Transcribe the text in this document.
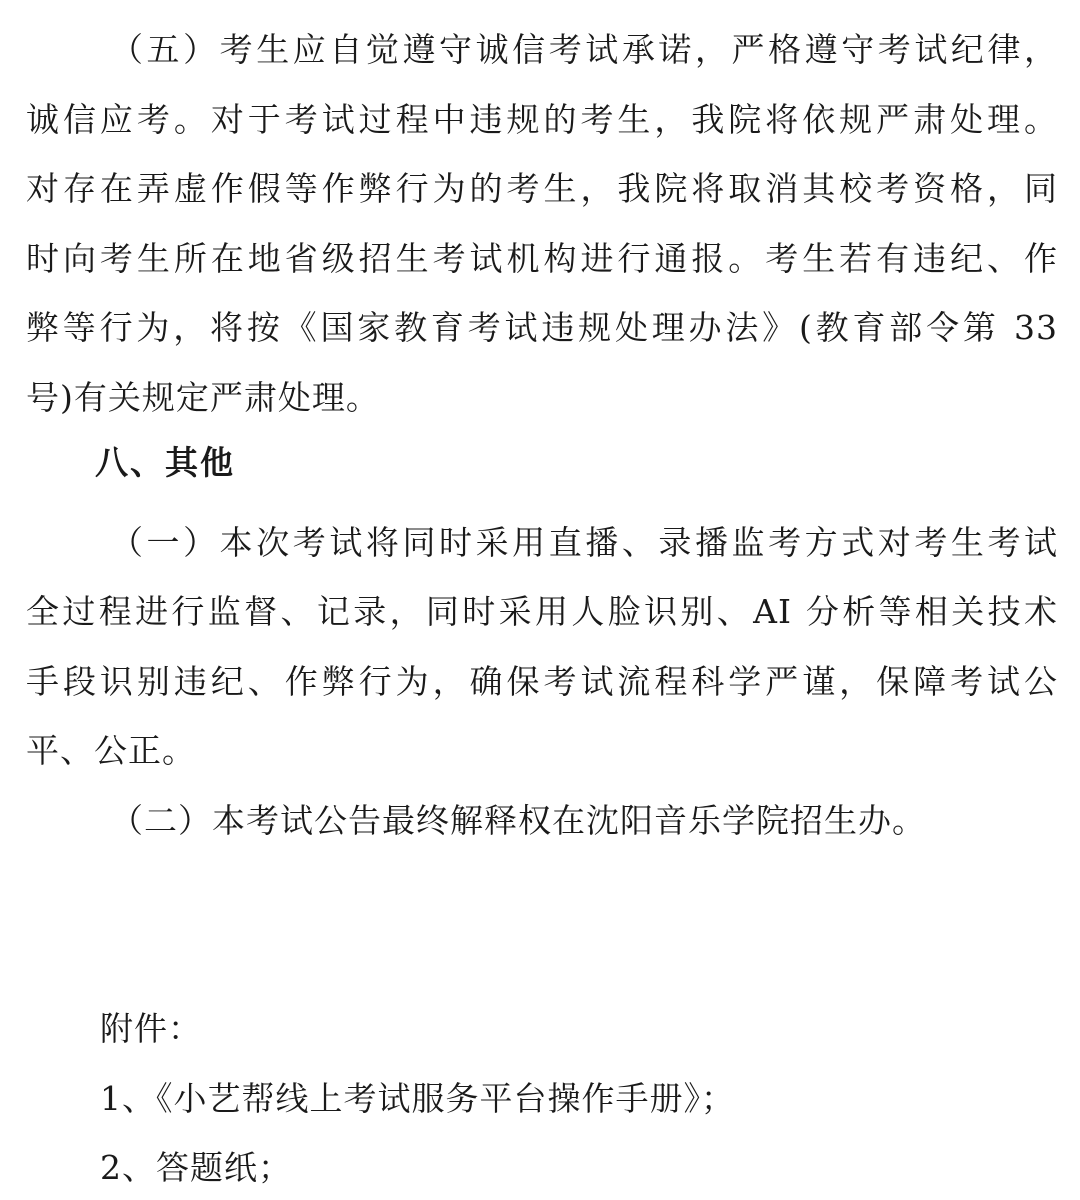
（五）考生应自觉遵守诚信考试承诺，严格遵守考试纪律，
诚信应考。对于考试过程中违规的考生，我院将依规严肃处理。
对存在弄虚作假等作弊行为的考生，我院将取消其校考资格，同
时向考生所在地省级招生考试机构进行通报。考生若有违纪、作
弊等行为，将按《国家教育考试违规处理办法》(教育部令第 33
号)有关规定严肃处理。
八、其他
（一）本次考试将同时采用直播、录播监考方式对考生考试
全过程进行监督、记录，同时采用人脸识别、AI 分析等相关技术
手段识别违纪、作弊行为，确保考试流程科学严谨，保障考试公
平、公正。
（二）本考试公告最终解释权在沈阳音乐学院招生办。
附件：
1、《小艺帮线上考试服务平台操作手册》；
2、答题纸；
